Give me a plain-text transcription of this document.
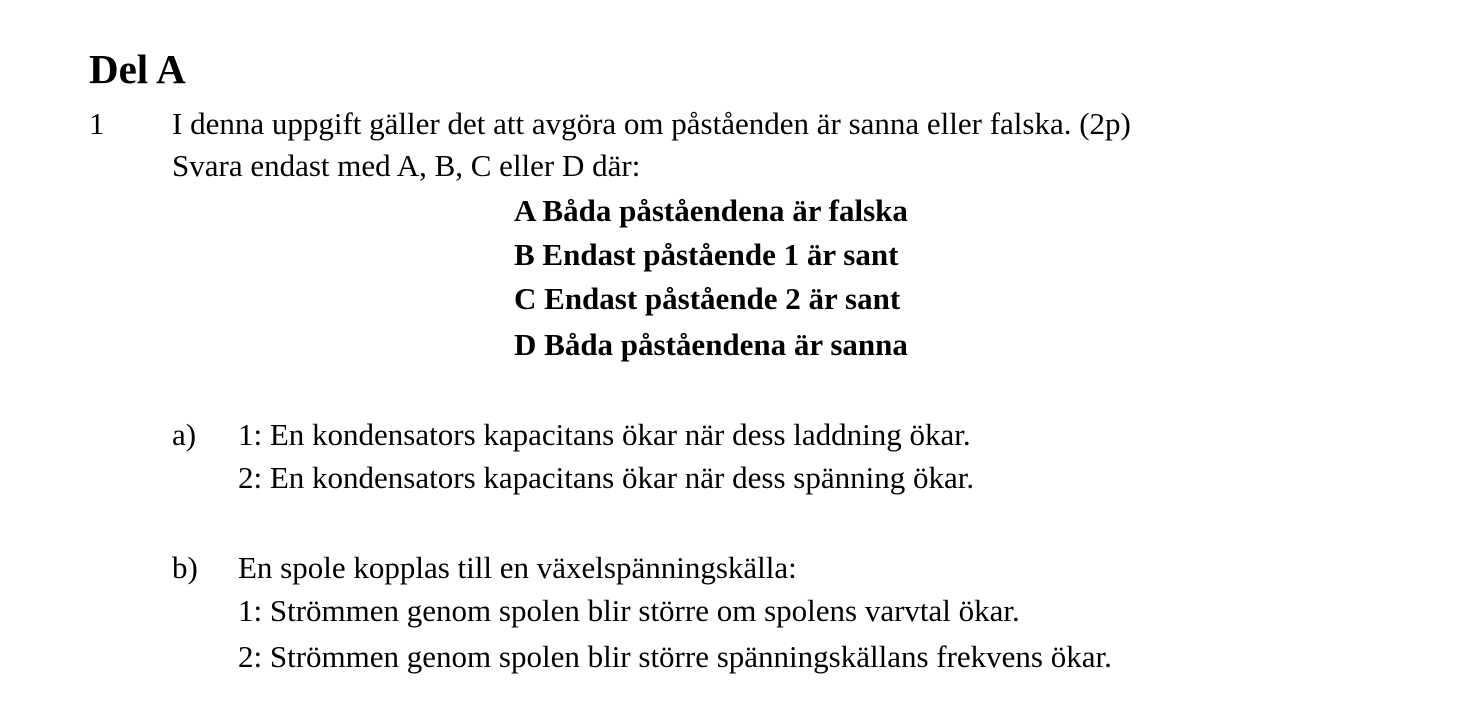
Del A
1 I denna uppgift gäller det att avgöra om påståenden är sanna eller falska. (2p)
Svara endast med A, B, C eller D där:
A Båda påståendena är falska
B Endast påstående 1 är sant
C Endast påstående 2 är sant
D Båda påståendena är sanna
a) 1: En kondensators kapacitans ökar när dess laddning ökar.
2: En kondensators kapacitans ökar när dess spänning ökar.
b) En spole kopplas till en växelspänningskälla:
1: Strömmen genom spolen blir större om spolens varvtal ökar.
2: Strömmen genom spolen blir större spänningskällans frekvens ökar.
